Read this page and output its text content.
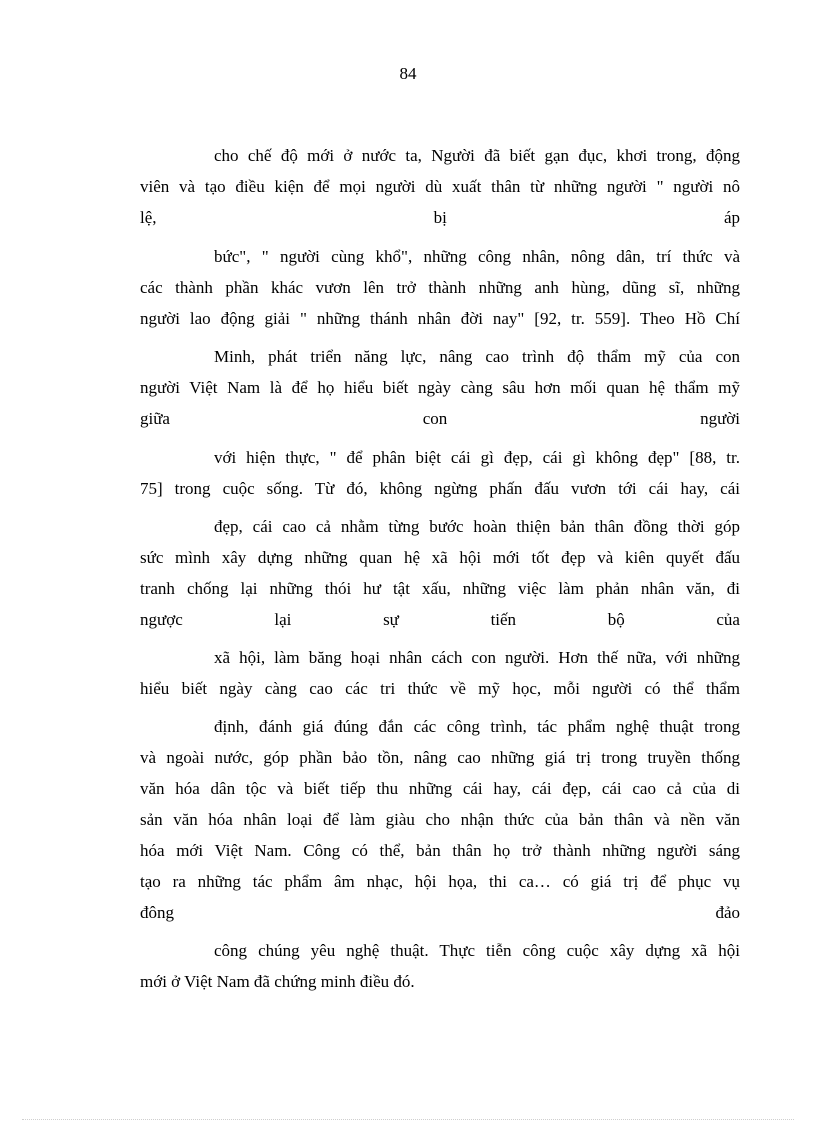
84
cho chế độ mới ở nước ta, Người đã biết gạn đục, khơi trong, động
viên và tạo điều kiện để mọi người dù xuất thân từ những người " người nô
lệ,	bị	áp
bức", " người cùng khổ", những công nhân, nông dân, trí thức và
các thành phần khác vươn lên trở thành những anh hùng, dũng sĩ, những
người lao động giải " những thánh nhân đời nay" [92, tr. 559]. Theo Hồ Chí
Minh, phát triển năng lực, nâng cao trình độ thẩm mỹ của con
người Việt Nam là để họ hiểu biết ngày càng sâu hơn mối quan hệ thẩm mỹ
giữa	con	người
với hiện thực, " để phân biệt cái gì đẹp, cái gì không đẹp" [88, tr.
75] trong cuộc sống. Từ đó, không ngừng phấn đấu vươn tới cái hay, cái
đẹp, cái cao cả nhằm từng bước hoàn thiện bản thân đồng thời góp
sức mình xây dựng những quan hệ xã hội mới tốt đẹp và kiên quyết đấu
tranh chống lại những thói hư tật xấu, những việc làm phản nhân văn, đi
ngược	lại	sự	tiến	bộ	của
xã hội, làm băng hoại nhân cách con người. Hơn thế nữa, với những
hiểu biết ngày càng cao các tri thức về mỹ học, mỗi người có thể thẩm
định, đánh giá đúng đắn các công trình, tác phẩm nghệ thuật trong
và ngoài nước, góp phần bảo tồn, nâng cao những giá trị trong truyền thống
văn hóa dân tộc và biết tiếp thu những cái hay, cái đẹp, cái cao cả của di
sản văn hóa nhân loại để làm giàu cho nhận thức của bản thân và nền văn
hóa mới Việt Nam. Công có thể, bản thân họ trở thành những người sáng
tạo ra những tác phẩm âm nhạc, hội họa, thi ca… có giá trị để phục vụ
đông	đảo
công chúng yêu nghệ thuật. Thực tiễn công cuộc xây dựng xã hội
mới ở Việt Nam đã chứng minh điều đó.
